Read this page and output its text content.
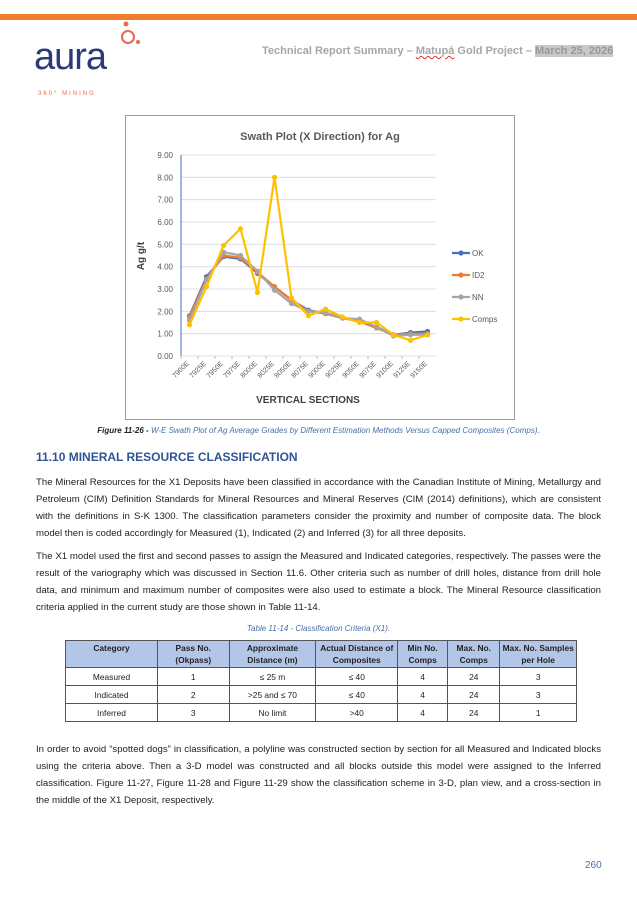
aura
360° MINING
Technical Report Summary – Matupá Gold Project – March 25, 2026
Swath Plot (X Direction) for Ag
0.00
1.00
2.00
3.00
4.00
5.00
6.00
7.00
8.00
9.00
7900E
7925E
7950E
7975E
8000E
8025E
8050E
8075E
9000E
9025E
9050E
9075E
9100E
9125E
9150E
Ag g/t
VERTICAL SECTIONS
OK
ID2
NN
Comps
Figure 11-26 - W-E Swath Plot of Ag Average Grades by Different Estimation Methods Versus Capped Composites (Comps).
11.10 MINERAL RESOURCE CLASSIFICATION

The Mineral Resources for the X1 Deposits have been classified in accordance with the Canadian Institute of Mining, Metallurgy and Petroleum (CIM) Definition Standards for Mineral Resources and Mineral Reserves (CIM (2014) definitions), which are consistent with the definitions in S-K 1300. The classification parameters consider the proximity and number of composite data. The block model then is coded accordingly for Measured (1), Indicated (2) and Inferred (3) for all three deposits.

The X1 model used the first and second passes to assign the Measured and Indicated categories, respectively. The passes were the result of the variography which was discussed in Section 11.6. Other criteria such as number of drill holes, distance from drill hole data, and minimum and maximum number of composites were also used to estimate a block. The Mineral Resource classification criteria applied in the current study are those shown in Table 11-14.

Table 11-14 - Classification Criteria (X1).
Category	Pass No. (Okpass)	Approximate Distance (m)	Actual Distance of Composites	Min No. Comps	Max. No. Comps	Max. No. Samples per Hole
Measured	1	≤ 25 m	≤ 40	4	24	3
Indicated	2	>25 and ≤ 70	≤ 40	4	24	3
Inferred	3	No limit	>40	4	24	1

In order to avoid “spotted dogs” in classification, a polyline was constructed section by section for all Measured and Indicated blocks using the criteria above. Then a 3-D model was constructed and all blocks outside this model were assigned to the Inferred classification. Figure 11-27, Figure 11-28 and Figure 11-29 show the classification scheme in 3-D, plan view, and a cross-section in the middle of the X1 Deposit, respectively.

260
